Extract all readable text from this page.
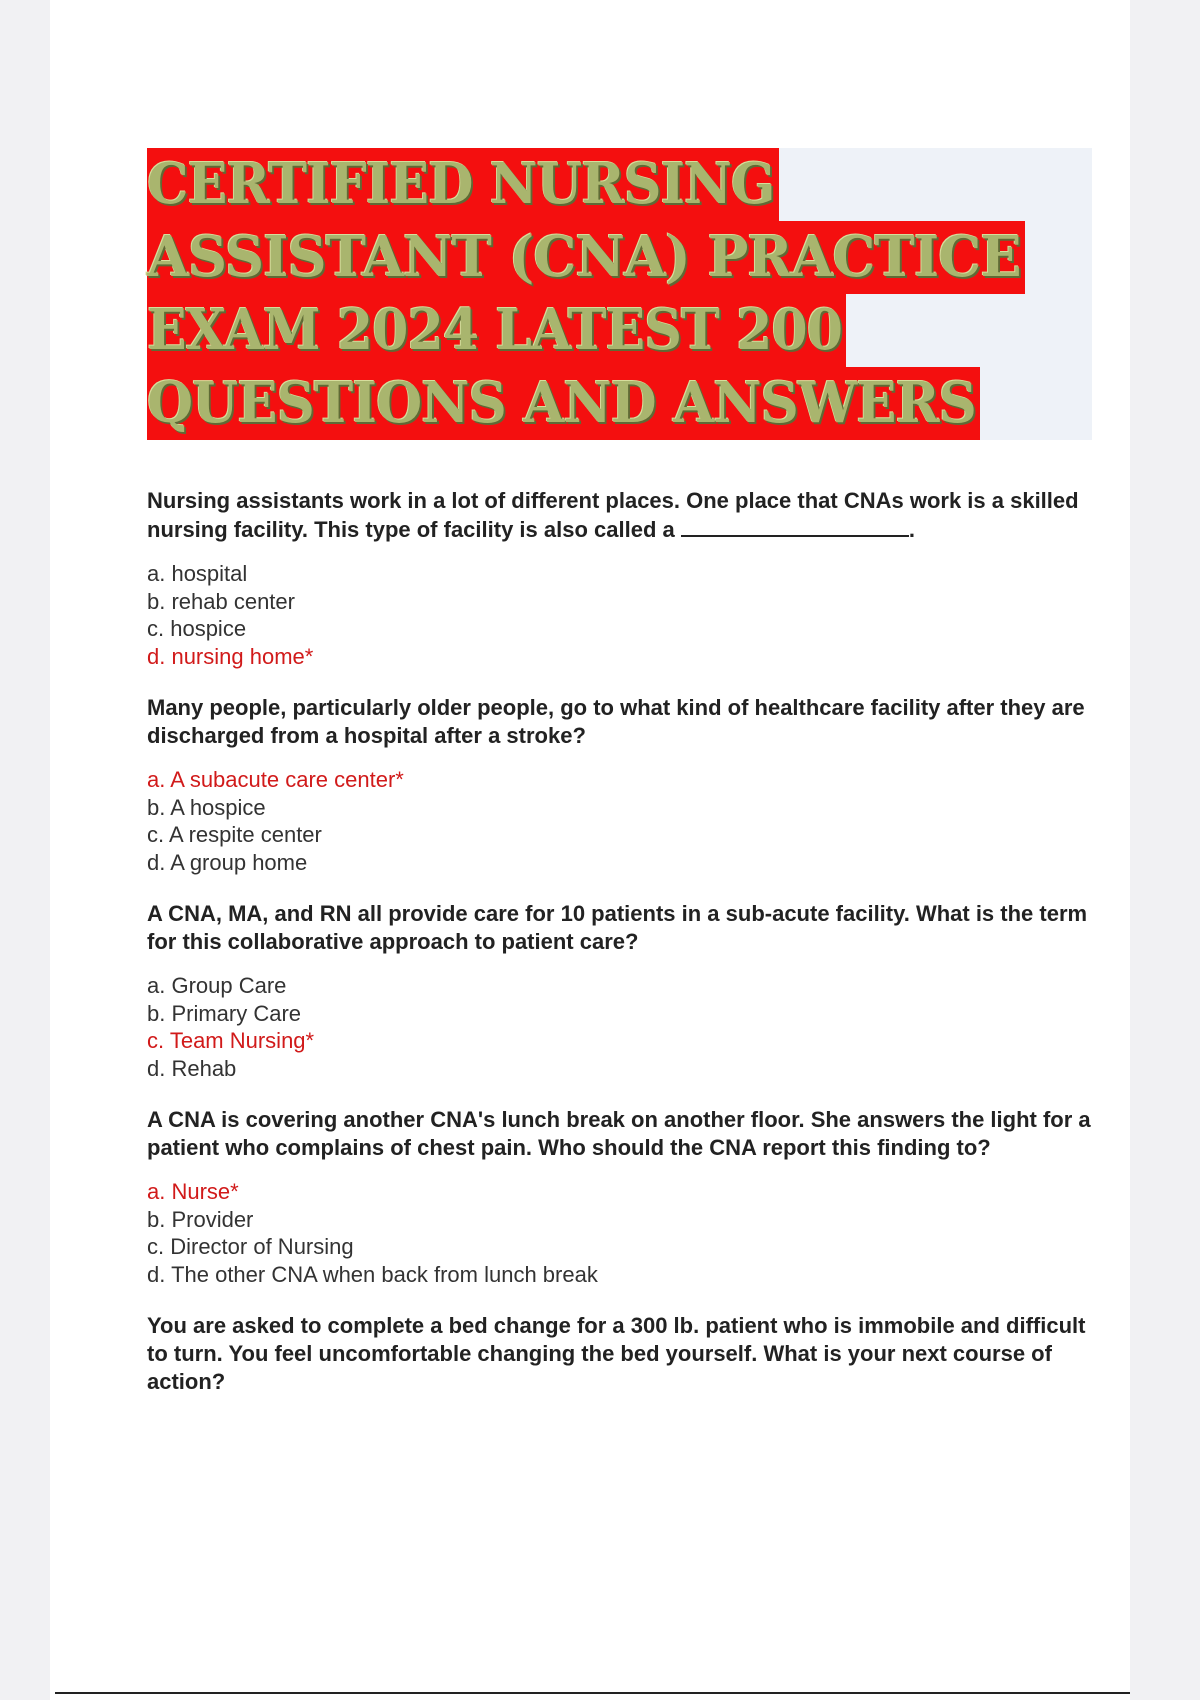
CERTIFIED NURSING
ASSISTANT (CNA) PRACTICE
EXAM 2024 LATEST 200
QUESTIONS AND ANSWERS

Nursing assistants work in a lot of different places. One place that CNAs work is a skilled nursing facility. This type of facility is also called a	.

a. hospital
b. rehab center
c. hospice
d. nursing home*

Many people, particularly older people, go to what kind of healthcare facility after they are discharged from a hospital after a stroke?

a. A subacute care center*
b. A hospice
c. A respite center
d. A group home

A CNA, MA, and RN all provide care for 10 patients in a sub-acute facility. What is the term for this collaborative approach to patient care?

a. Group Care
b. Primary Care
c. Team Nursing*
d. Rehab

A CNA is covering another CNA's lunch break on another floor. She answers the light for a patient who complains of chest pain. Who should the CNA report this finding to?

a. Nurse*
b. Provider
c. Director of Nursing
d. The other CNA when back from lunch break

You are asked to complete a bed change for a 300 lb. patient who is immobile and difficult to turn. You feel uncomfortable changing the bed yourself. What is your next course of action?
